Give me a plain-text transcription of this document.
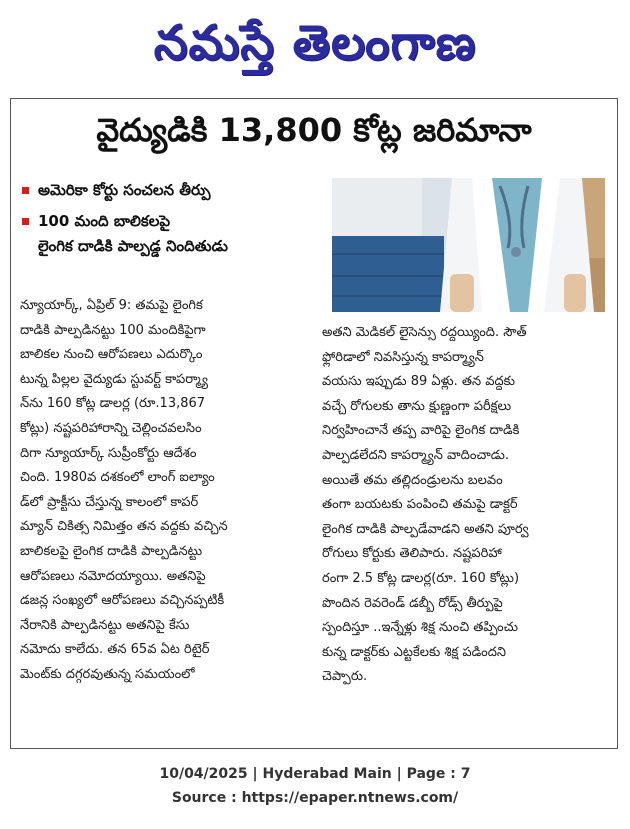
నమస్తే తెలంగాణ
వైద్యుడికి 13,800 కోట్ల జరిమానా
అమెరికా కోర్టు సంచలన తీర్పు
100 మంది బాలికలపై
లైంగిక దాడికి పాల్పడ్డ నిందితుడు
న్యూయార్క్, ఏప్రిల్ 9: తమపై లైంగిక
దాడికి పాల్పడినట్టు 100 మందికిపైగా
బాలికల నుంచి ఆరోపణలు ఎదుర్కొం
టున్న పిల్లల వైద్యుడు స్టువర్ట్ కాపర్మ్యా
న్‌ను 160 కోట్ల డాలర్ల (రూ.13,867
కోట్లు) నష్టపరిహారాన్ని చెల్లించవలసిం
దిగా న్యూయార్క్ సుప్రీంకోర్టు ఆదేశం
చింది. 1980వ దశకంలో లాంగ్ ఐల్యాం
డ్‌లో ప్రాక్టీసు చేస్తున్న కాలంలో కాపర్
మ్యాన్ చికిత్స నిమిత్తం తన వద్దకు వచ్చిన
బాలికలపై లైంగిక దాడికి పాల్పడినట్టు
ఆరోపణలు నమోదయ్యాయి. అతనిపై
డజన్ల సంఖ్యలో ఆరోపణలు వచ్చినప్పటికీ
నేరానికి పాల్పడినట్టు అతనిపై కేసు
నమోదు కాలేదు. తన 65వ ఏట రిటైర్
మెంట్‌కు దగ్గరవుతున్న సమయంలో
అతని మెడికల్ లైసెన్సు రద్దయ్యింది. సౌత్
ఫ్లోరిడాలో నివసిస్తున్న కాపర్మ్యాన్
వయసు ఇప్పుడు 89 ఏళ్లు. తన వద్దకు
వచ్చే రోగులకు తాను క్షుణ్ణంగా పరీక్షలు
నిర్వహించానే తప్ప వారిపై లైంగిక దాడికి
పాల్పడలేదని కాపర్మ్యాన్ వాదించాడు.
అయితే తమ తల్లిదండ్రులను బలవం
తంగా బయటకు పంపించి తమపై డాక్టర్
లైంగిక దాడికి పాల్పడేవాడని అతని పూర్వ
రోగులు కోర్టుకు తెలిపారు. నష్టపరిహా
రంగా 2.5 కోట్ల డాలర్ల(రూ. 160 కోట్లు)
పొందిన రెవరెండ్ డబ్బీ రోడ్స్ తీర్పుపై
స్పందిస్తూ ..ఇన్నేళ్లు శిక్ష నుంచి తప్పించు
కున్న డాక్టర్‌కు ఎట్టకేలకు శిక్ష పడిందని
చెప్పారు.
10/04/2025 | Hyderabad Main | Page : 7
Source : https://epaper.ntnews.com/
